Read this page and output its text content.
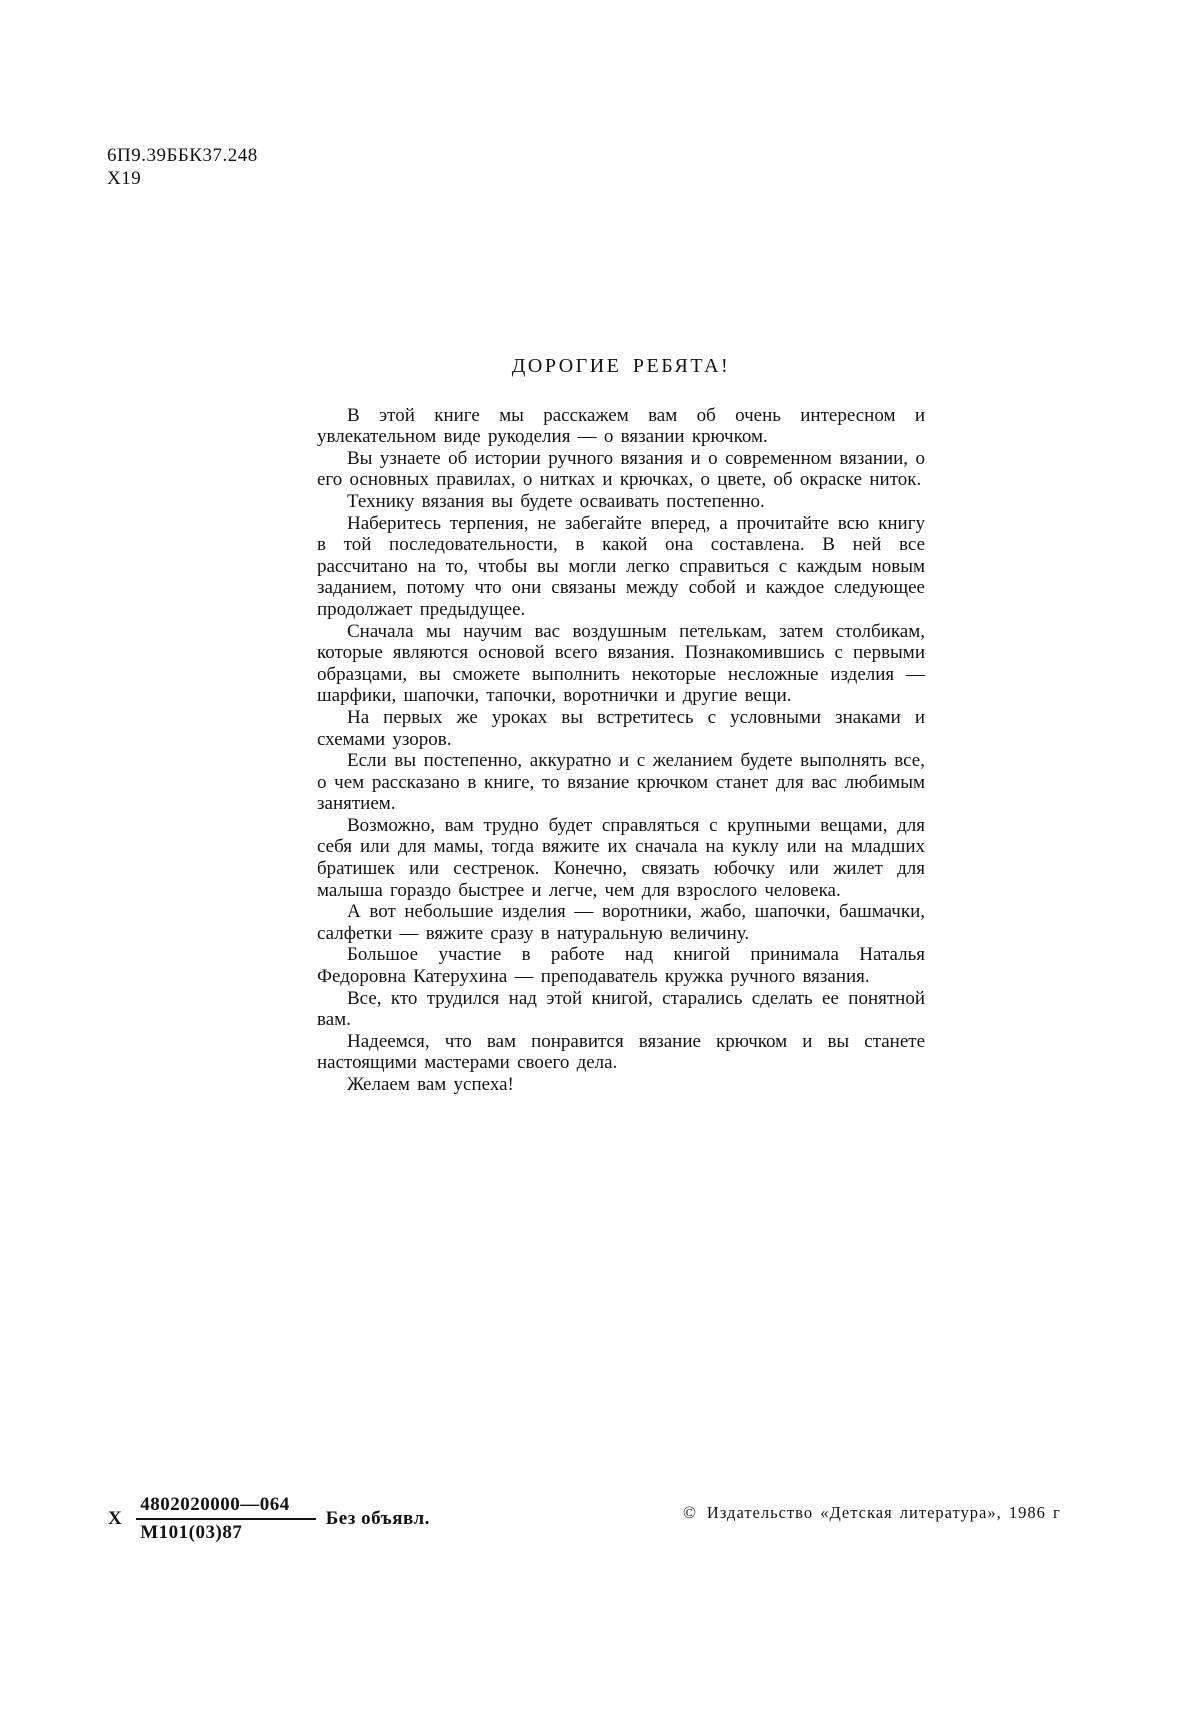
6П9.39ББК37.248
Х19
ДОРОГИЕ РЕБЯТА!

В этой книге мы расскажем вам об очень интересном и увлекательном виде рукоделия — о вязании крючком.

Вы узнаете об истории ручного вязания и о современном вязании, о его основных правилах, о нитках и крючках, о цвете, об окраске ниток.

Технику вязания вы будете осваивать постепенно.

Наберитесь терпения, не забегайте вперед, а прочитайте всю книгу в той последовательности, в какой она составлена. В ней все рассчитано на то, чтобы вы могли легко справиться с каждым новым заданием, потому что они связаны между собой и каждое следующее продолжает предыдущее.

Сначала мы научим вас воздушным петелькам, затем столбикам, которые являются основой всего вязания. Познакомившись с первыми образцами, вы сможете выполнить некоторые несложные изделия — шарфики, шапочки, тапочки, воротнички и другие вещи.

На первых же уроках вы встретитесь с условными знаками и схемами узоров.

Если вы постепенно, аккуратно и с желанием будете выполнять все, о чем рассказано в книге, то вязание крючком станет для вас любимым занятием.

Возможно, вам трудно будет справляться с крупными вещами, для себя или для мамы, тогда вяжите их сначала на куклу или на младших братишек или сестренок. Конечно, связать юбочку или жилет для малыша гораздо быстрее и легче, чем для взрослого человека.

А вот небольшие изделия — воротники, жабо, шапочки, башмачки, салфетки — вяжите сразу в натуральную величину.

Большое участие в работе над книгой принимала Наталья Федоровна Катерухина — преподаватель кружка ручного вязания.

Все, кто трудился над этой книгой, старались сделать ее понятной вам.

Надеемся, что вам понравится вязание крючком и вы станете настоящими мастерами своего дела.

Желаем вам успеха!

Х $\frac{4802020000—064}{М101(03)87}$ Без объявл.	© Издательство «Детская литература», 1986 г
